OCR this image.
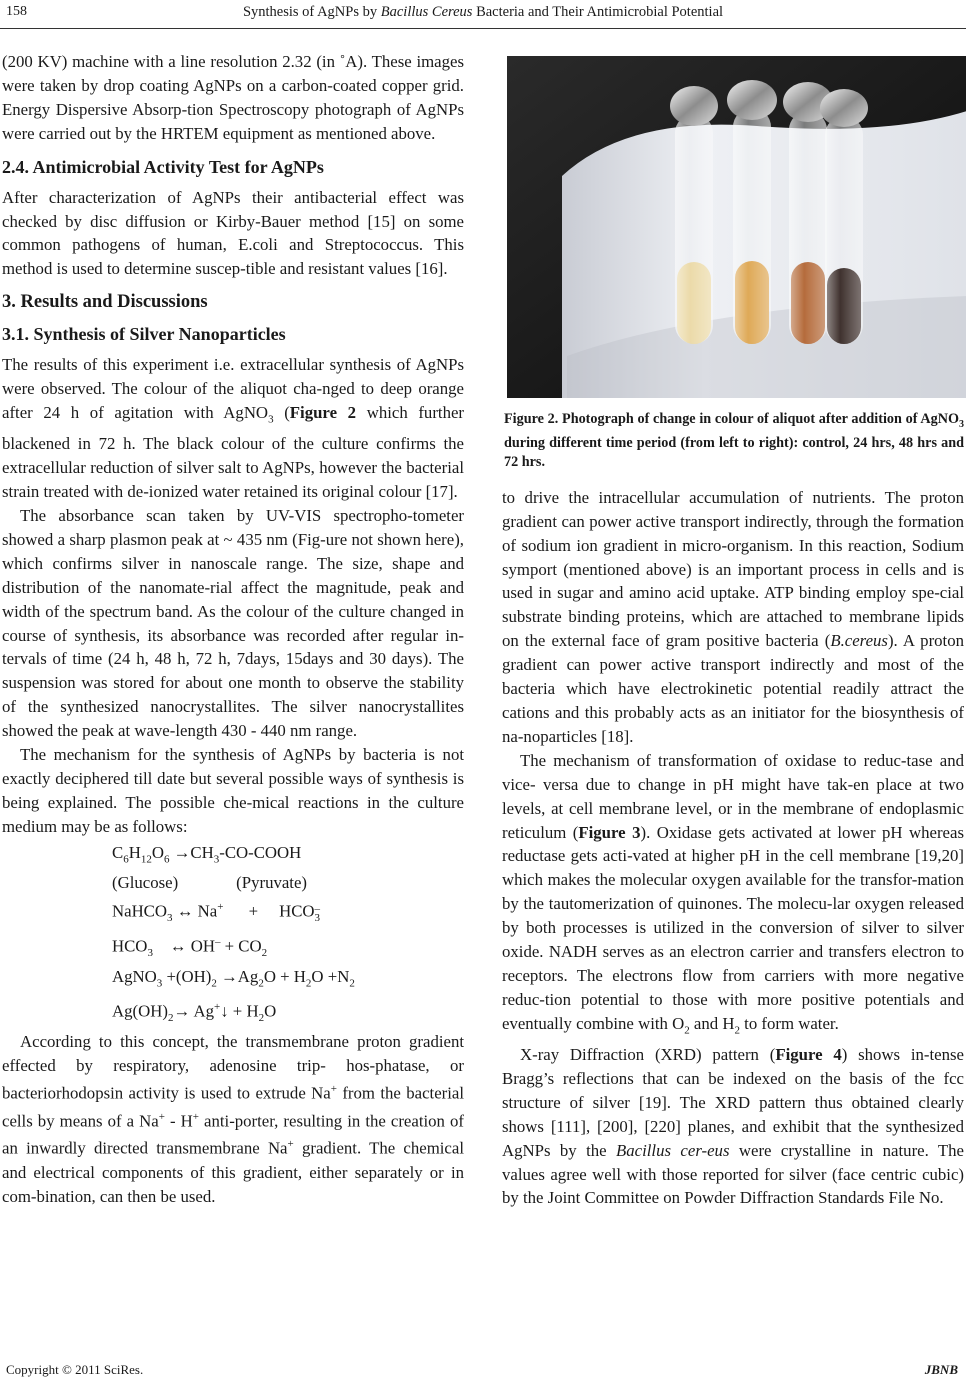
158	Synthesis of AgNPs by Bacillus Cereus Bacteria and Their Antimicrobial Potential

(200 KV) machine with a line resolution 2.32 (in ˚A). These images were taken by drop coating AgNPs on a carbon-coated copper grid. Energy Dispersive Absorp-tion Spectroscopy photograph of AgNPs were carried out by the HRTEM equipment as mentioned above.

2.4. Antimicrobial Activity Test for AgNPs

After characterization of AgNPs their antibacterial effect was checked by disc diffusion or Kirby-Bauer method [15] on some common pathogens of human, E.coli and Streptococcus. This method is used to determine suscep-tible and resistant values [16].

3. Results and Discussions
3.1. Synthesis of Silver Nanoparticles

The results of this experiment i.e. extracellular synthesis of AgNPs were observed. The colour of the aliquot cha-nged to deep orange after 24 h of agitation with AgNO$_3$ (Figure 2 which further blackened in 72 h. The black colour of the culture confirms the extracellular reduction of silver salt to AgNPs, however the bacterial strain treated with de-ionized water retained its original colour [17].

The absorbance scan taken by UV-VIS spectropho-tometer showed a sharp plasmon peak at ~ 435 nm (Fig-ure not shown here), which confirms silver in nanoscale range. The size, shape and distribution of the nanomate-rial affect the magnitude, peak and width of the spectrum band. As the colour of the culture changed in course of synthesis, its absorbance was recorded after regular in-tervals of time (24 h, 48 h, 72 h, 7days, 15days and 30 days). The suspension was stored for about one month to observe the stability of the synthesized nanocrystallites. The silver nanocrystallites showed the peak at wave-length 430 - 440 nm range.

The mechanism for the synthesis of AgNPs by bacteria is not exactly deciphered till date but several possible ways of synthesis is being explained. The possible che-mical reactions in the culture medium may be as follows:

$C_6H_{12}O_6$ $\to CH_3-CO$-COOH
(Glucose)	(Pyruvate)
NaHCO$_3$ ↔ Na+      +     HCO3
–
$HCO_3$    ↔ $OH^- + CO_2$
AgNO$_3$ $+(OH)_2 \to Ag_2O + H_2O +N_2$
$Ag(OH)_2\to$ Ag+↓ + $H_2O$

According to this concept, the transmembrane proton gradient effected by respiratory, adenosine trip- hos-phatase, or bacteriorhodopsin activity is used to extrude Na+ from the bacterial cells by means of a Na+ - H+ anti-porter, resulting in the creation of an inwardly directed transmembrane Na+ gradient. The chemical and electrical components of this gradient, either separately or in com-bination, can then be used.

Figure 2. Photograph of change in colour of aliquot after addition of AgNO$_3$ during different time period (from left to right): control, 24 hrs, 48 hrs and 72 hrs.

to drive the intracellular accumulation of nutrients. The proton gradient can power active transport indirectly, through the formation of sodium ion gradient in micro-organism. In this reaction, Sodium symport (mentioned above) is an important process in cells and is used in sugar and amino acid uptake. ATP binding employ spe-cial substrate binding proteins, which are attached to membrane lipids on the external face of gram positive bacteria (B.cereus). A proton gradient can power active transport indirectly and most of the bacteria which have electrokinetic potential readily attract the cations and this probably acts as an initiator for the biosynthesis of na-noparticles [18].

The mechanism of transformation of oxidase to reduc-tase and vice- versa due to change in pH might have tak-en place at two levels, at cell membrane level, or in the membrane of endoplasmic reticulum (Figure 3). Oxidase gets activated at lower pH whereas reductase gets acti-vated at higher pH in the cell membrane [19,20] which makes the molecular oxygen available for the transfor-mation by the tautomerization of quinones. The molecu-lar oxygen released by both processes is utilized in the conversion of silver to silver oxide. NADH serves as an electron carrier and transfers electron to receptors. The electrons flow from carriers with more negative reduc-tion potential to those with more positive potentials and eventually combine with $O_2$ and $H_2$ to form water.

X-ray Diffraction (XRD) pattern (Figure 4) shows in-tense Bragg’s reflections that can be indexed on the basis of the fcc structure of silver [19]. The XRD pattern thus obtained clearly shows [111], [200], [220] planes, and exhibit that the synthesized AgNPs by the Bacillus cer-eus were crystalline in nature. The values agree well with those reported for silver (face centric cubic) by the Joint Committee on Powder Diffraction Standards File No.

Copyright © 2011 SciRes.	JBNB
